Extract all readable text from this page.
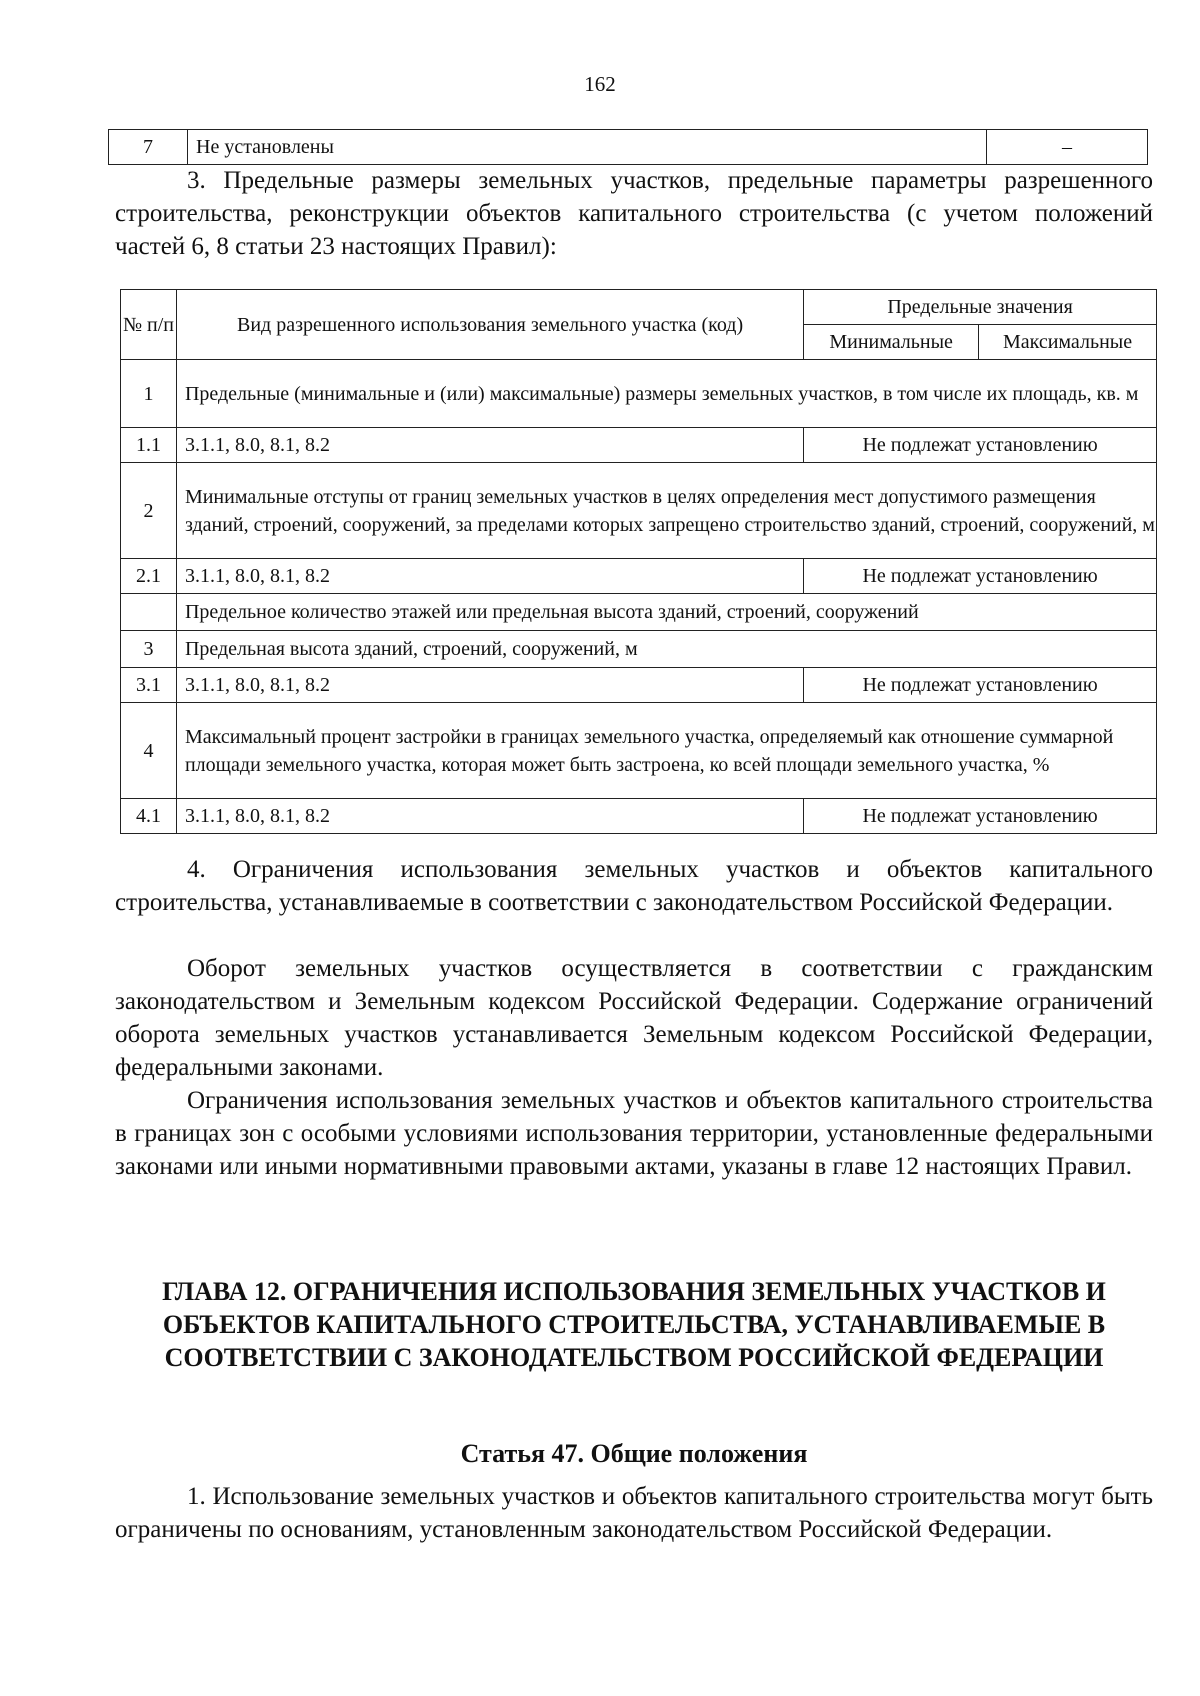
162
7	Не установлены	–
3. Предельные размеры земельных участков, предельные параметры разрешенного строительства, реконструкции объектов капитального строительства (с учетом положений частей 6, 8 статьи 23 настоящих Правил):
№ п/п	Вид разрешенного использования земельного участка (код)	Предельные значения	
		Минимальные	Максимальные
1	Предельные (минимальные и (или) максимальные) размеры земельных участков, в том числе их площадь, кв. м		
1.1	3.1.1, 8.0, 8.1, 8.2	Не подлежат установлению	
2	Минимальные отступы от границ земельных участков в целях определения мест допустимого размещения зданий, строений, сооружений, за пределами которых запрещено строительство зданий, строений, сооружений, м		
2.1	3.1.1, 8.0, 8.1, 8.2	Не подлежат установлению	
	Предельное количество этажей или предельная высота зданий, строений, сооружений		
3	Предельная высота зданий, строений, сооружений, м		
3.1	3.1.1, 8.0, 8.1, 8.2	Не подлежат установлению	
4	Максимальный процент застройки в границах земельного участка, определяемый как отношение суммарной площади земельного участка, которая может быть застроена, ко всей площади земельного участка, %		
4.1	3.1.1, 8.0, 8.1, 8.2	Не подлежат установлению	
4. Ограничения использования земельных участков и объектов капитального строительства, устанавливаемые в соответствии с законодательством Российской Федерации.
Оборот земельных участков осуществляется в соответствии с гражданским законодательством и Земельным кодексом Российской Федерации. Содержание ограничений оборота земельных участков устанавливается Земельным кодексом Российской Федерации, федеральными законами.
Ограничения использования земельных участков и объектов капитального строительства в границах зон с особыми условиями использования территории, установленные федеральными законами или иными нормативными правовыми актами, указаны в главе 12 настоящих Правил.
ГЛАВА 12. ОГРАНИЧЕНИЯ ИСПОЛЬЗОВАНИЯ ЗЕМЕЛЬНЫХ УЧАСТКОВ И ОБЪЕКТОВ КАПИТАЛЬНОГО СТРОИТЕЛЬСТВА, УСТАНАВЛИВАЕМЫЕ В СООТВЕТСТВИИ С ЗАКОНОДАТЕЛЬСТВОМ РОССИЙСКОЙ ФЕДЕРАЦИИ
Статья 47. Общие положения
1. Использование земельных участков и объектов капитального строительства могут быть ограничены по основаниям, установленным законодательством Российской Федерации.
